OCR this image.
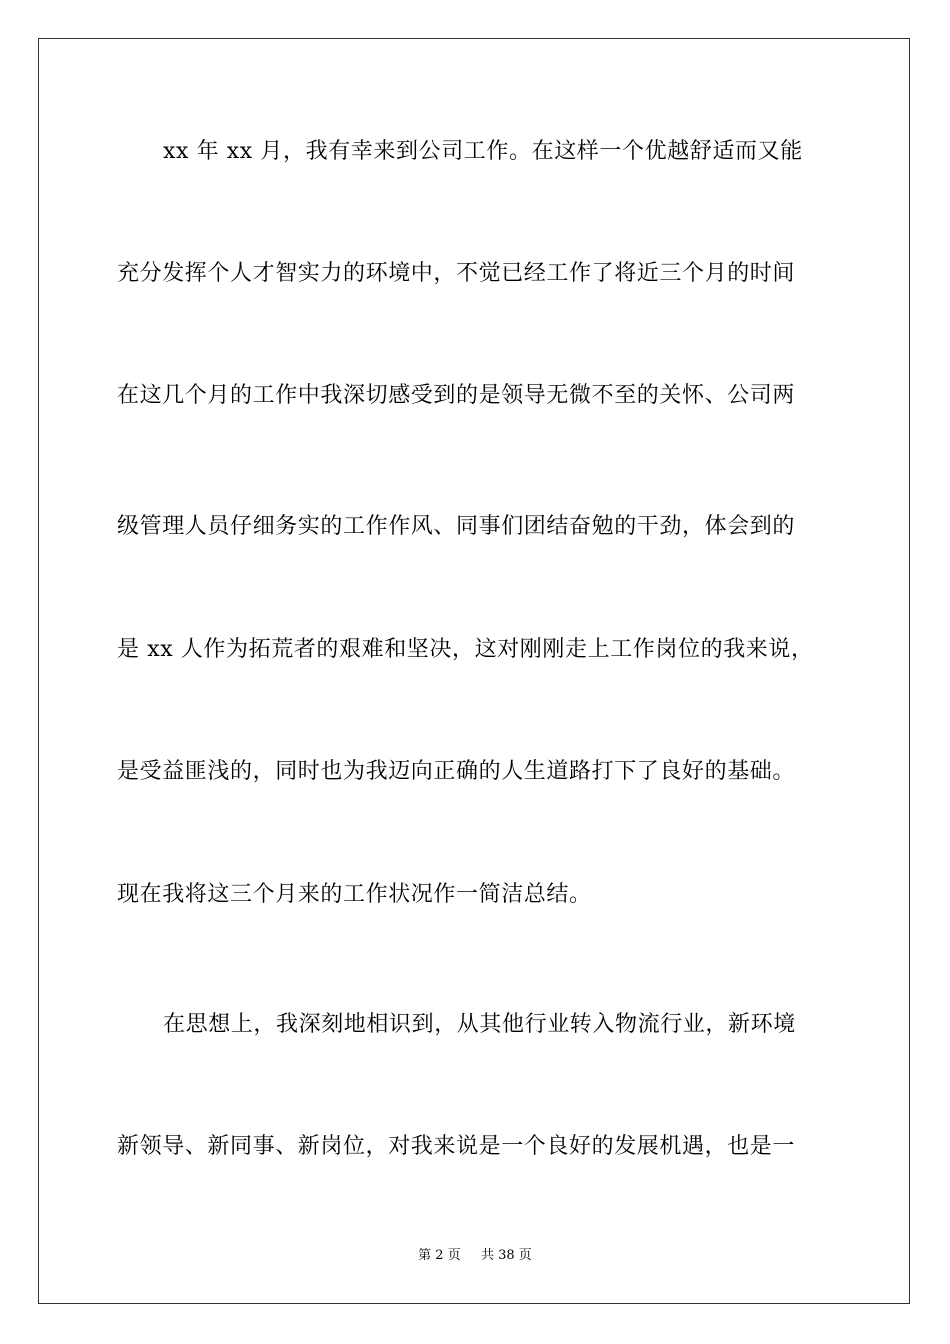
xx 年 xx 月，我有幸来到公司工作。在这样一个优越舒适而又能
充分发挥个人才智实力的环境中，不觉已经工作了将近三个月的时间
在这几个月的工作中我深切感受到的是领导无微不至的关怀、公司两
级管理人员仔细务实的工作作风、同事们团结奋勉的干劲，体会到的
是 xx 人作为拓荒者的艰难和坚决，这对刚刚走上工作岗位的我来说，
是受益匪浅的，同时也为我迈向正确的人生道路打下了良好的基础。
现在我将这三个月来的工作状况作一简洁总结。
在思想上，我深刻地相识到，从其他行业转入物流行业，新环境
新领导、新同事、新岗位，对我来说是一个良好的发展机遇，也是一
第 2 页 共 38 页
